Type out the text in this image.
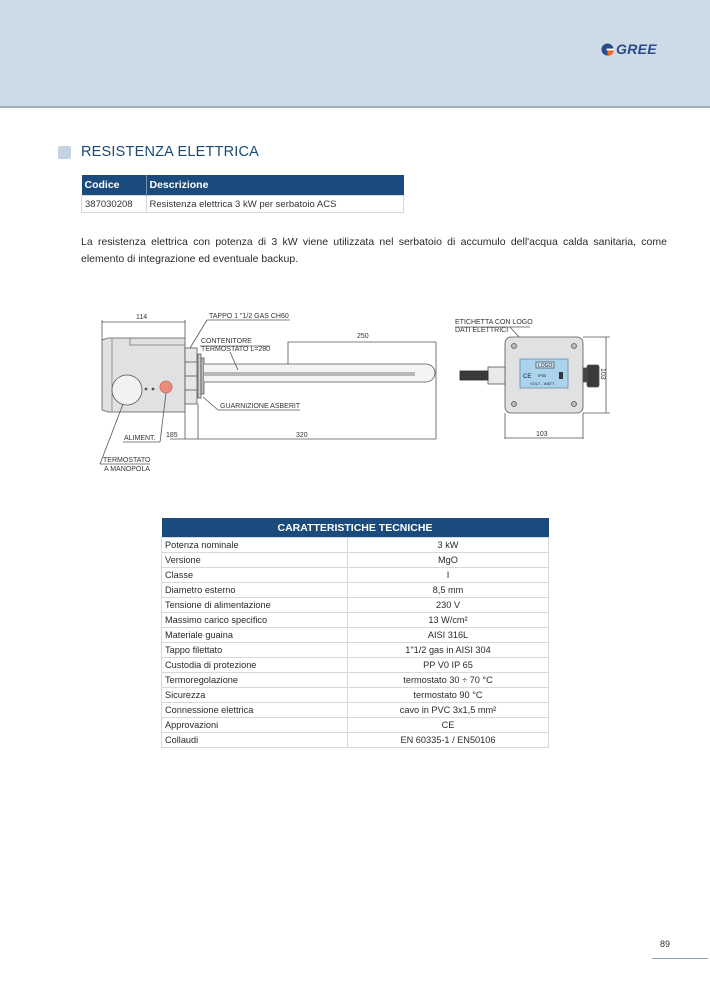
GREE
RESISTENZA ELETTRICA
Codice	Descrizione
387030208	Resistenza elettrica 3 kW per serbatoio ACS

La resistenza elettrica con potenza di 3 kW viene utilizzata nel serbatoio di accumulo dell'acqua calda sanitaria, come elemento di integrazione ed eventuale backup.

114
250
185	320
TAPPO 1 "1/2 GAS CH60
CONTENITORE
TERMOSTATO L=280
GUARNIZIONE ASBERIT
ALIMENT.
TERMOSTATO
A MANOPOLA
ETICHETTA CON LOGO
DATI ELETTRICI
103
103
LOGO
CE IP55
VOLT - WATT
CARATTERISTICHE TECNICHE	
Potenza nominale	3 kW
Versione	MgO
Classe	I
Diametro esterno	8,5 mm
Tensione di alimentazione	230 V
Massimo carico specifico	13 W/cm²
Materiale guaina	AISI 316L
Tappo filettato	1"1/2 gas in AISI 304
Custodia di protezione	PP V0 IP 65
Termoregolazione	termostato 30 ÷ 70 °C
Sicurezza	termostato 90 °C
Connessione elettrica	cavo in PVC 3x1,5 mm²
Approvazioni	CE
Collaudi	EN 60335-1 / EN50106
89
